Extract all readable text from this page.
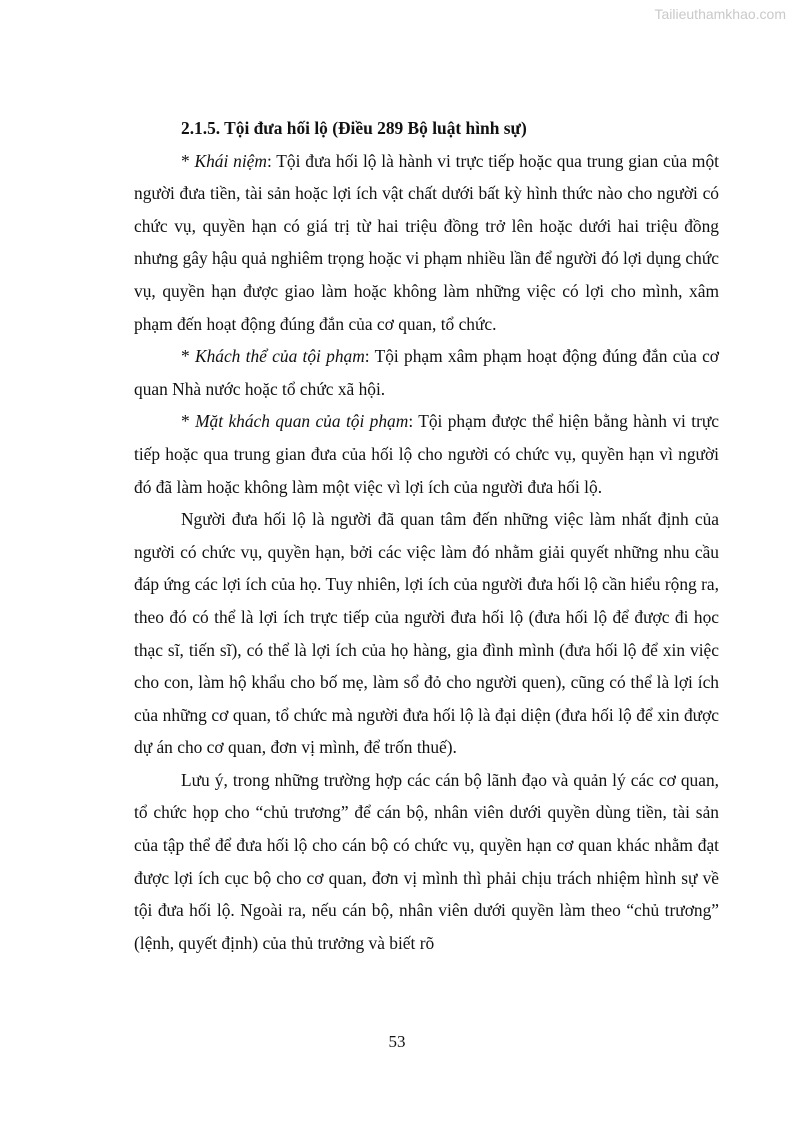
Tailieuthamkhao.com

2.1.5. Tội đưa hối lộ (Điều 289 Bộ luật hình sự)

* Khái niệm: Tội đưa hối lộ là hành vi trực tiếp hoặc qua trung gian của một người đưa tiền, tài sản hoặc lợi ích vật chất dưới bất kỳ hình thức nào cho người có chức vụ, quyền hạn có giá trị từ hai triệu đồng trở lên hoặc dưới hai triệu đồng nhưng gây hậu quả nghiêm trọng hoặc vi phạm nhiều lần để người đó lợi dụng chức vụ, quyền hạn được giao làm hoặc không làm những việc có lợi cho mình, xâm phạm đến hoạt động đúng đắn của cơ quan, tổ chức.

* Khách thể của tội phạm: Tội phạm xâm phạm hoạt động đúng đắn của cơ quan Nhà nước hoặc tổ chức xã hội.

* Mặt khách quan của tội phạm: Tội phạm được thể hiện bằng hành vi trực tiếp hoặc qua trung gian đưa của hối lộ cho người có chức vụ, quyền hạn vì người đó đã làm hoặc không làm một việc vì lợi ích của người đưa hối lộ.

Người đưa hối lộ là người đã quan tâm đến những việc làm nhất định của người có chức vụ, quyền hạn, bởi các việc làm đó nhằm giải quyết những nhu cầu đáp ứng các lợi ích của họ. Tuy nhiên, lợi ích của người đưa hối lộ cần hiểu rộng ra, theo đó có thể là lợi ích trực tiếp của người đưa hối lộ (đưa hối lộ để được đi học thạc sĩ, tiến sĩ), có thể là lợi ích của họ hàng, gia đình mình (đưa hối lộ để xin việc cho con, làm hộ khẩu cho bố mẹ, làm sổ đỏ cho người quen), cũng có thể là lợi ích của những cơ quan, tổ chức mà người đưa hối lộ là đại diện (đưa hối lộ để xin được dự án cho cơ quan, đơn vị mình, để trốn thuế).

Lưu ý, trong những trường hợp các cán bộ lãnh đạo và quản lý các cơ quan, tổ chức họp cho “chủ trương” để cán bộ, nhân viên dưới quyền dùng tiền, tài sản của tập thể để đưa hối lộ cho cán bộ có chức vụ, quyền hạn cơ quan khác nhằm đạt được lợi ích cục bộ cho cơ quan, đơn vị mình thì phải chịu trách nhiệm hình sự về tội đưa hối lộ. Ngoài ra, nếu cán bộ, nhân viên dưới quyền làm theo “chủ trương” (lệnh, quyết định) của thủ trưởng và biết rõ

53
